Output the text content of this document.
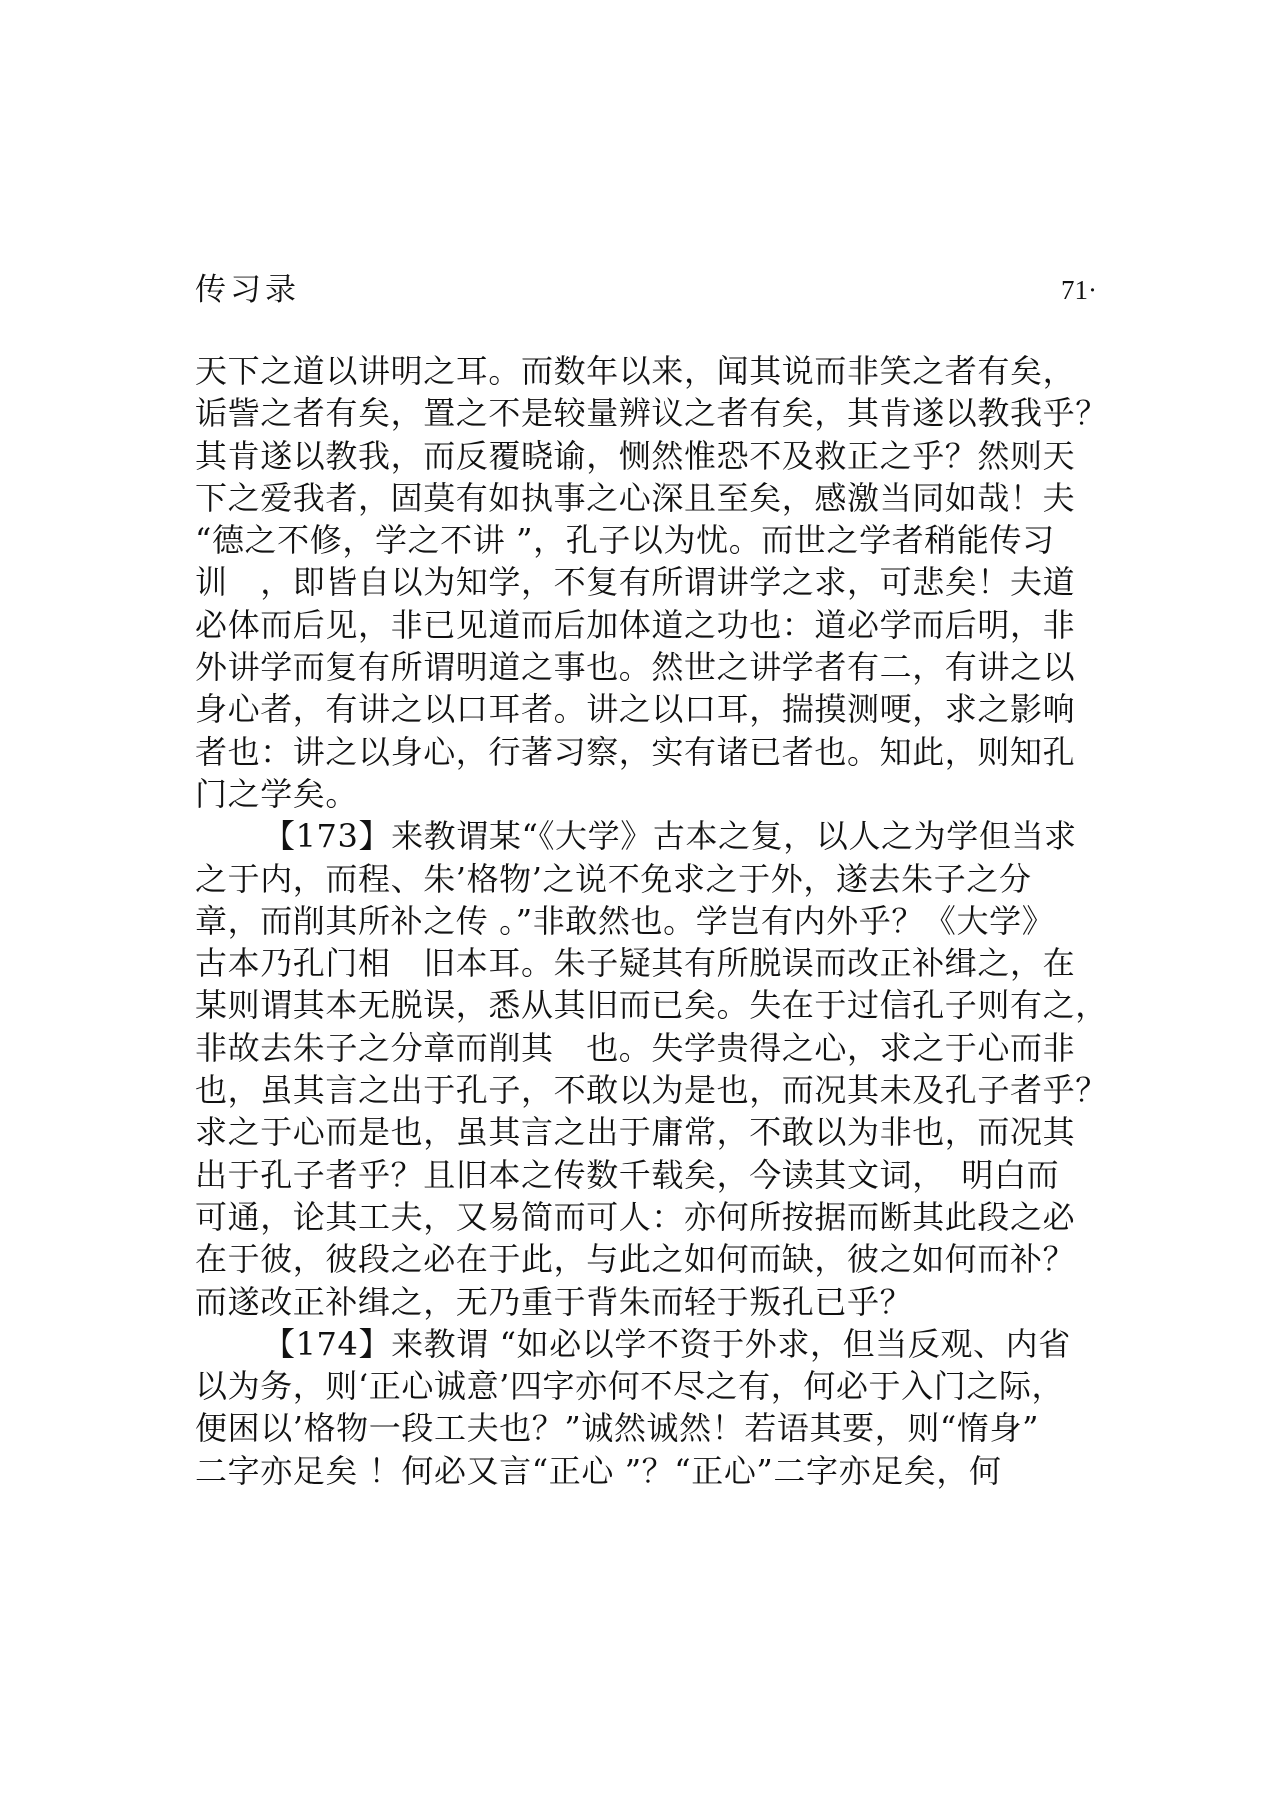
传习录	71·
天下之道以讲明之耳。而数年以来，闻其说而非笑之者有矣，
诟訾之者有矣，置之不是较量辨议之者有矣，其肯遂以教我乎？
其肯遂以教我，而反覆晓谕，恻然惟恐不及救正之乎？然则天
下之爱我者，固莫有如执事之心深且至矣，感激当同如哉！夫
“德之不修，学之不讲 ”，孔子以为忧。而世之学者稍能传习
训　，即皆自以为知学，不复有所谓讲学之求，可悲矣！夫道
必体而后见，非已见道而后加体道之功也：道必学而后明，非
外讲学而复有所谓明道之事也。然世之讲学者有二，有讲之以
身心者，有讲之以口耳者。讲之以口耳，揣摸测哽，求之影响
者也：讲之以身心，行著习察，实有诸已者也。知此，则知孔
门之学矣。
【173】来教谓某“《大学》古本之复，以人之为学但当求
之于内，而程、朱’格物’之说不免求之于外，遂去朱子之分
章，而削其所补之传 。”非敢然也。学岂有内外乎？《大学》
古本乃孔门相　旧本耳。朱子疑其有所脱误而改正补缉之，在
某则谓其本无脱误，悉从其旧而已矣。失在于过信孔子则有之，
非故去朱子之分章而削其　也。失学贵得之心，求之于心而非
也，虽其言之出于孔子，不敢以为是也，而况其未及孔子者乎？
求之于心而是也，虽其言之出于庸常，不敢以为非也，而况其
出于孔子者乎？且旧本之传数千载矣，今读其文词，　明白而
可通，论其工夫，又易简而可人：亦何所按据而断其此段之必
在于彼，彼段之必在于此，与此之如何而缺，彼之如何而补？
而遂改正补缉之，无乃重于背朱而轻于叛孔已乎？
【174】来教谓 “如必以学不资于外求，但当反观、内省
以为务，则‘正心诚意’四字亦何不尽之有，何必于入门之际，
便困以’格物一段工夫也？”诚然诚然！若语其要，则“惰身”
二字亦足矣 ！何必又言“正心 ”？“正心”二字亦足矣，何
